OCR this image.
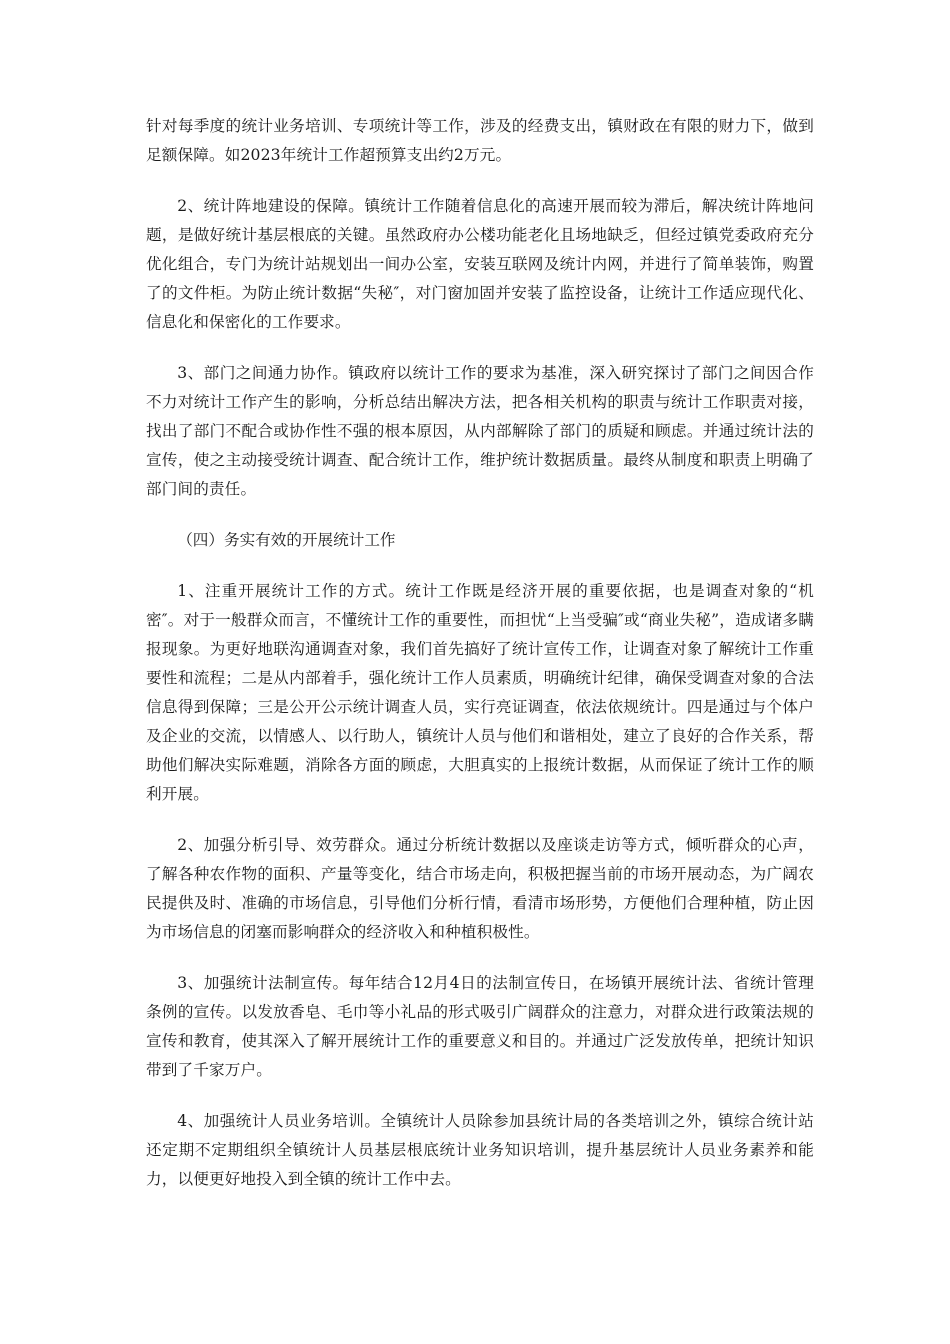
针对每季度的统计业务培训、专项统计等工作，涉及的经费支出，镇财政在有限的财力下，做到足额保障。如2023年统计工作超预算支出约2万元。

2、统计阵地建设的保障。镇统计工作随着信息化的高速开展而较为滞后，解决统计阵地问题，是做好统计基层根底的关键。虽然政府办公楼功能老化且场地缺乏，但经过镇党委政府充分优化组合，专门为统计站规划出一间办公室，安装互联网及统计内网，并进行了简单装饰，购置了的文件柜。为防止统计数据“失秘″，对门窗加固并安装了监控设备，让统计工作适应现代化、信息化和保密化的工作要求。

3、部门之间通力协作。镇政府以统计工作的要求为基准，深入研究探讨了部门之间因合作不力对统计工作产生的影响，分析总结出解决方法，把各相关机构的职责与统计工作职责对接，找出了部门不配合或协作性不强的根本原因，从内部解除了部门的质疑和顾虑。并通过统计法的宣传，使之主动接受统计调查、配合统计工作，维护统计数据质量。最终从制度和职责上明确了部门间的责任。

（四）务实有效的开展统计工作

1、注重开展统计工作的方式。统计工作既是经济开展的重要依据，也是调查对象的“机密″。对于一般群众而言，不懂统计工作的重要性，而担忧“上当受骗″或“商业失秘”，造成诸多瞒报现象。为更好地联沟通调查对象，我们首先搞好了统计宣传工作，让调查对象了解统计工作重要性和流程；二是从内部着手，强化统计工作人员素质，明确统计纪律，确保受调查对象的合法信息得到保障；三是公开公示统计调查人员，实行亮证调查，依法依规统计。四是通过与个体户及企业的交流，以情感人、以行助人，镇统计人员与他们和谐相处，建立了良好的合作关系，帮助他们解决实际难题，消除各方面的顾虑，大胆真实的上报统计数据，从而保证了统计工作的顺利开展。

2、加强分析引导、效劳群众。通过分析统计数据以及座谈走访等方式，倾听群众的心声，了解各种农作物的面积、产量等变化，结合市场走向，积极把握当前的市场开展动态，为广阔农民提供及时、准确的市场信息，引导他们分析行情，看清市场形势，方便他们合理种植，防止因为市场信息的闭塞而影响群众的经济收入和种植积极性。

3、加强统计法制宣传。每年结合12月4日的法制宣传日，在场镇开展统计法、省统计管理条例的宣传。以发放香皂、毛巾等小礼品的形式吸引广阔群众的注意力，对群众进行政策法规的宣传和教育，使其深入了解开展统计工作的重要意义和目的。并通过广泛发放传单，把统计知识带到了千家万户。

4、加强统计人员业务培训。全镇统计人员除参加县统计局的各类培训之外，镇综合统计站还定期不定期组织全镇统计人员基层根底统计业务知识培训，提升基层统计人员业务素养和能力，以便更好地投入到全镇的统计工作中去。
